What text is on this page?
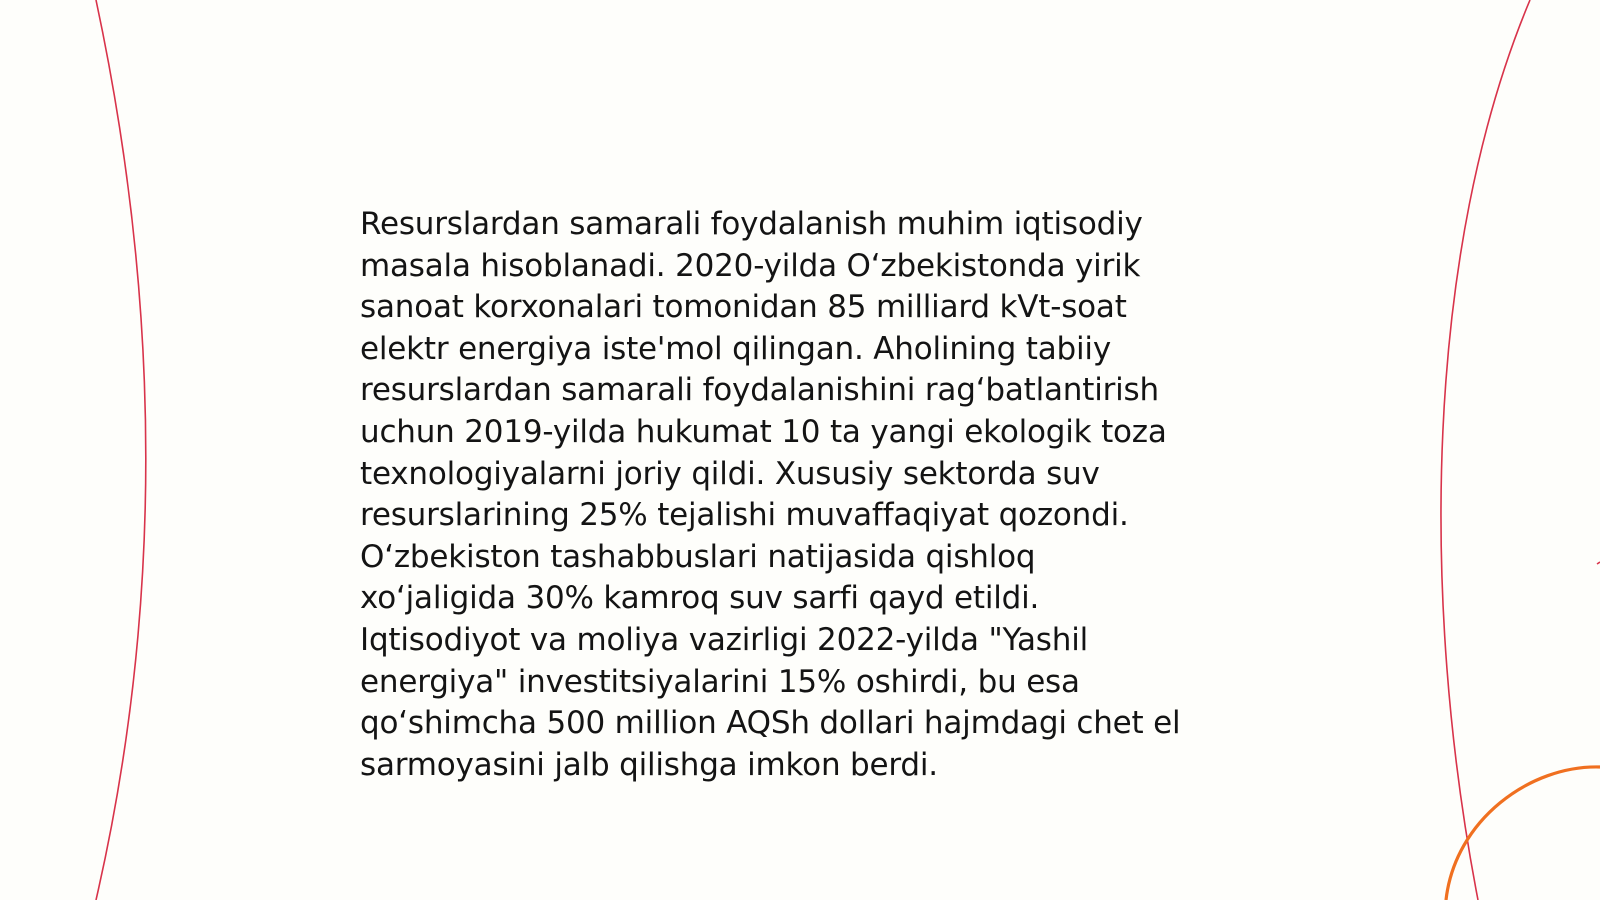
Resurslardan samarali foydalanish muhim iqtisodiy
masala hisoblanadi. 2020-yilda O‘zbekistonda yirik
sanoat korxonalari tomonidan 85 milliard kVt-soat
elektr energiya iste'mol qilingan. Aholining tabiiy
resurslardan samarali foydalanishini rag‘batlantirish
uchun 2019-yilda hukumat 10 ta yangi ekologik toza
texnologiyalarni joriy qildi. Xususiy sektorda suv
resurslarining 25% tejalishi muvaffaqiyat qozondi.
O‘zbekiston tashabbuslari natijasida qishloq
xo‘jaligida 30% kamroq suv sarfi qayd etildi.
Iqtisodiyot va moliya vazirligi 2022-yilda "Yashil
energiya" investitsiyalarini 15% oshirdi, bu esa
qo‘shimcha 500 million AQSh dollari hajmdagi chet el
sarmoyasini jalb qilishga imkon berdi.
